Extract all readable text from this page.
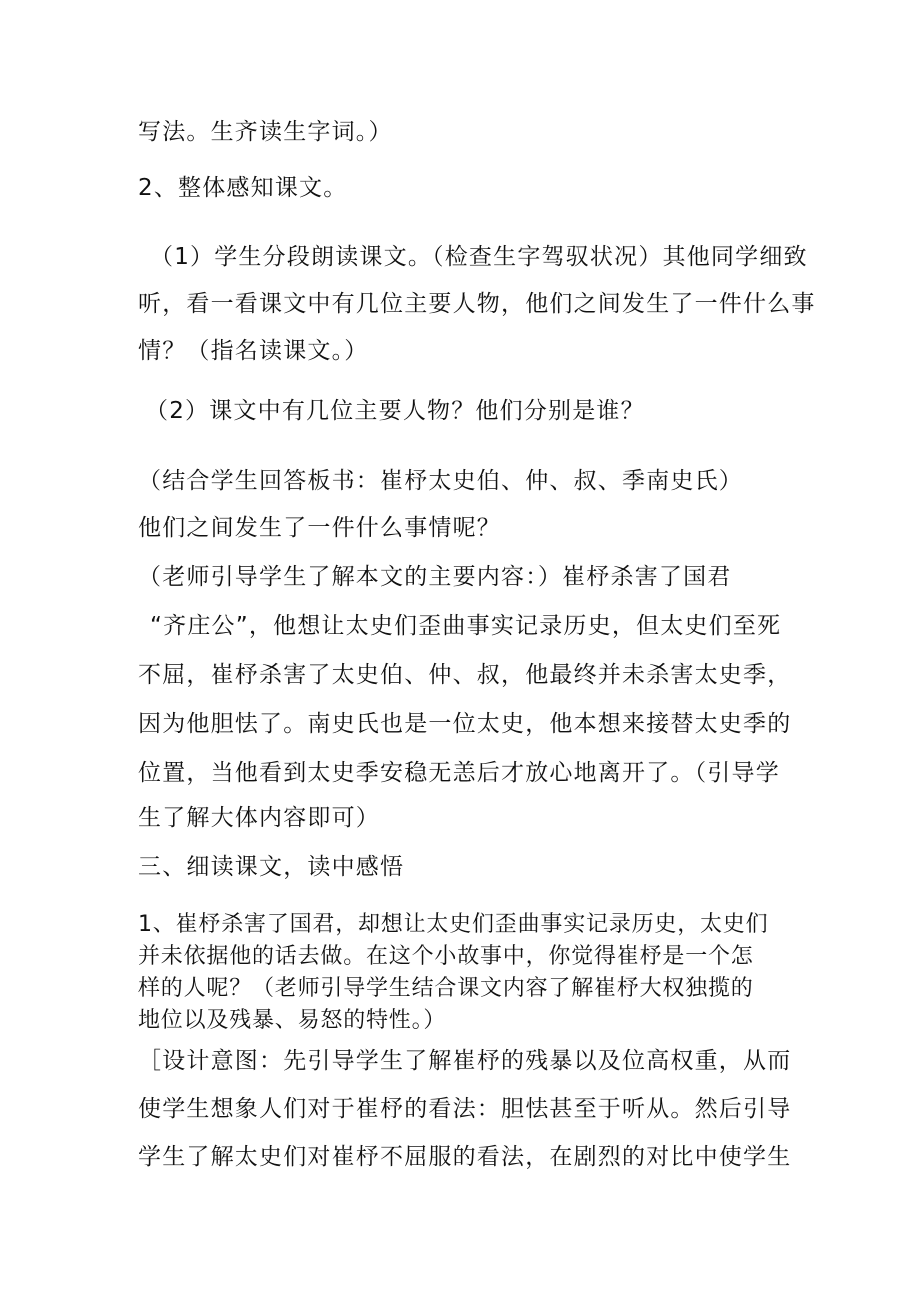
写法。生齐读生字词。）
2、整体感知课文。
（1）学生分段朗读课文。（检查生字驾驭状况）其他同学细致
听，看一看课文中有几位主要人物，他们之间发生了一件什么事
情？（指名读课文。）
（2）课文中有几位主要人物？他们分别是谁？
（结合学生回答板书：崔杼太史伯、仲、叔、季南史氏）
他们之间发生了一件什么事情呢？
（老师引导学生了解本文的主要内容：）崔杼杀害了国君
“齐庄公”，他想让太史们歪曲事实记录历史，但太史们至死
不屈，崔杼杀害了太史伯、仲、叔，他最终并未杀害太史季，
因为他胆怯了。南史氏也是一位太史，他本想来接替太史季的
位置，当他看到太史季安稳无恙后才放心地离开了。（引导学
生了解大体内容即可）
三、细读课文，读中感悟
1、崔杼杀害了国君，却想让太史们歪曲事实记录历史，太史们
并未依据他的话去做。在这个小故事中，你觉得崔杼是一个怎
样的人呢？（老师引导学生结合课文内容了解崔杼大权独揽的
地位以及残暴、易怒的特性。）
［设计意图：先引导学生了解崔杼的残暴以及位高权重，从而
使学生想象人们对于崔杼的看法：胆怯甚至于听从。然后引导
学生了解太史们对崔杼不屈服的看法，在剧烈的对比中使学生
